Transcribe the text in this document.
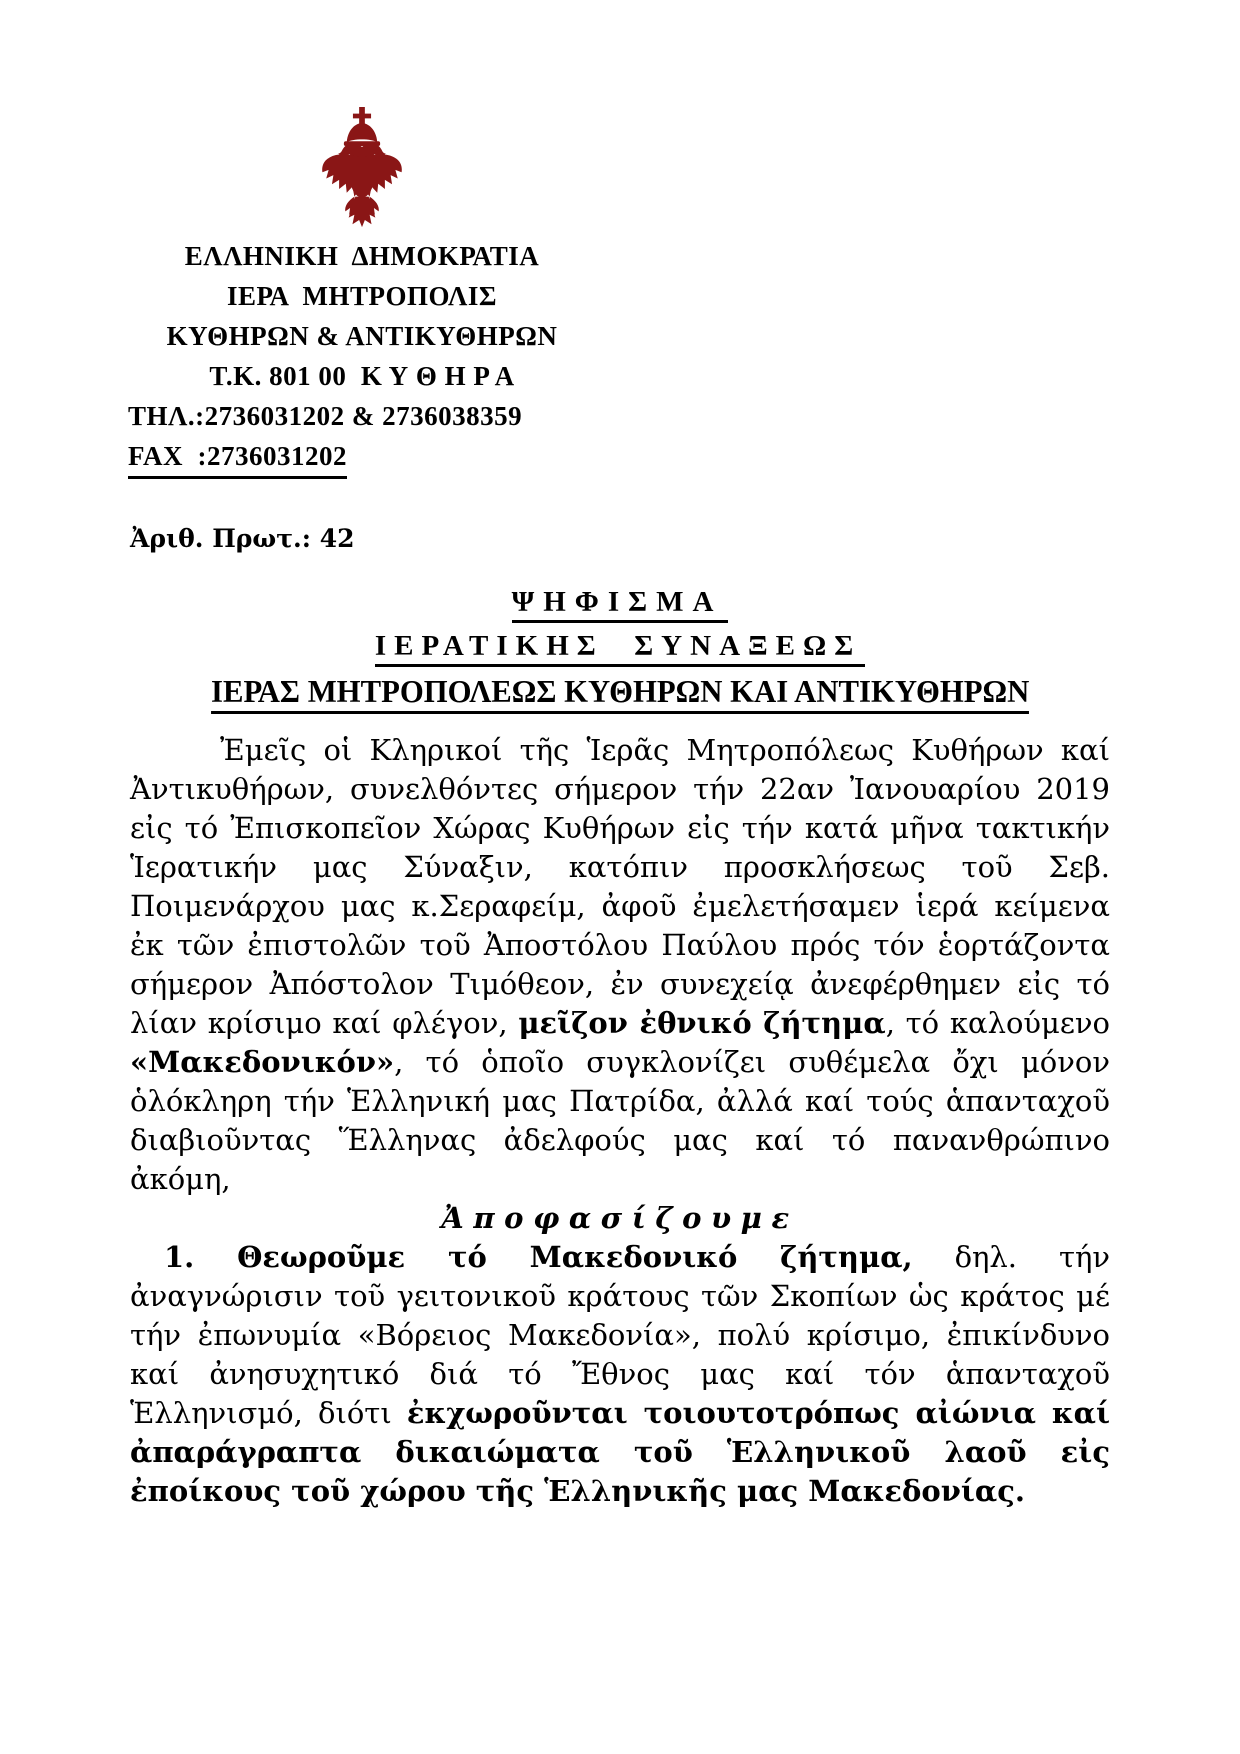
ΕΛΛΗΝΙΚΗ  ΔΗΜΟΚΡΑΤΙΑ
ΙΕΡΑ  ΜΗΤΡΟΠΟΛΙΣ
ΚΥΘΗΡΩΝ & ΑΝΤΙΚΥΘΗΡΩΝ
Τ.Κ. 801 00  Κ Υ Θ Η Ρ Α
ΤΗΛ.:2736031202 & 2736038359
FAX  :2736031202
Ἀριθ. Πρωτ.: 42
ΨΗΦΙΣΜΑ
ΙΕΡΑΤΙΚΗΣ  ΣΥΝΑΞΕΩΣ
ΙΕΡΑΣ ΜΗΤΡΟΠΟΛΕΩΣ ΚΥΘΗΡΩΝ ΚΑΙ ΑΝΤΙΚΥΘΗΡΩΝ

Ἐμεῖς οἱ Κληρικοί τῆς Ἱερᾶς Μητροπόλεως Κυθήρων καί Ἀντικυθήρων, συνελθόντες σήμερον τήν 22αν Ἰανουαρίου 2019 εἰς τό Ἐπισκοπεῖον Χώρας Κυθήρων εἰς τήν κατά μῆνα τακτικήν Ἱερατικήν μας Σύναξιν, κατόπιν προσκλήσεως τοῦ Σεβ. Ποιμενάρχου μας κ.Σεραφείμ, ἀφοῦ ἐμελετήσαμεν ἱερά κείμενα ἐκ τῶν ἐπιστολῶν τοῦ Ἀποστόλου Παύλου πρός τόν ἑορτάζοντα σήμερον Ἀπόστολον Τιμόθεον, ἐν συνεχείᾳ ἀνεφέρθημεν εἰς τό λίαν κρίσιμο καί φλέγον, μεῖζον ἐθνικό ζήτημα, τό καλούμενο «Μακεδονικόν», τό ὁποῖο συγκλονίζει συθέμελα ὄχι μόνον ὁλόκληρη τήν Ἑλληνική μας Πατρίδα, ἀλλά καί τούς ἁπανταχοῦ διαβιοῦντας Ἕλληνας ἀδελφούς μας καί τό πανανθρώπινο ἀκόμη,

Ἀποφασίζουμε

1. Θεωροῦμε τό Μακεδονικό ζήτημα, δηλ. τήν ἀναγνώρισιν τοῦ γειτονικοῦ κράτους τῶν Σκοπίων ὡς κράτος μέ τήν ἐπωνυμία «Βόρειος Μακεδονία», πολύ κρίσιμο, ἐπικίνδυνο καί ἀνησυχητικό διά τό Ἔθνος μας καί τόν ἁπανταχοῦ Ἑλληνισμό, διότι ἐκχωροῦνται τοιουτοτρόπως αἰώνια καί ἀπαράγραπτα δικαιώματα τοῦ Ἑλληνικοῦ λαοῦ εἰς ἐποίκους τοῦ χώρου τῆς Ἑλληνικῆς μας Μακεδονίας.
